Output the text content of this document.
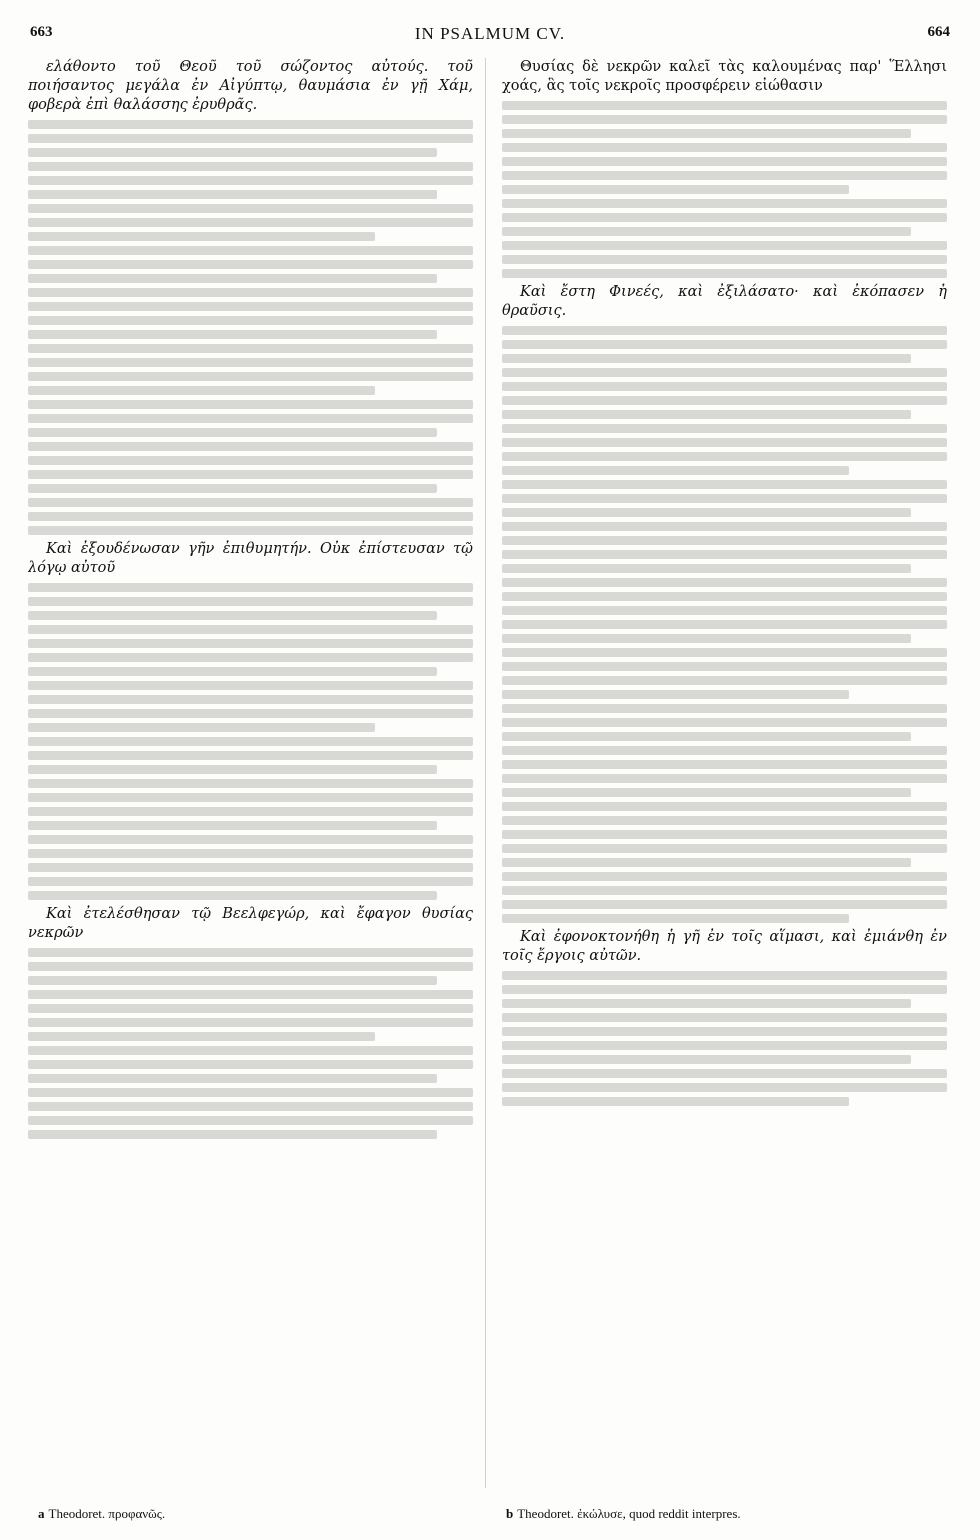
663	IN PSALMUM CV.	664

ελάθοντο τοῦ Θεοῦ τοῦ σώζοντος αὐτούς. τοῦ ποιήσαντος μεγάλα ἐν Αἰγύπτῳ, θαυμάσια ἐν γῇ Χάμ, φοβερὰ ἐπὶ θαλάσσης ἐρυθρᾶς.

Καὶ ἐξουδένωσαν γῆν ἐπιθυμητήν. Οὐκ ἐπίστευσαν τῷ λόγῳ αὐτοῦ

Καὶ ἐτελέσθησαν τῷ Βεελφεγώρ, καὶ ἔφαγον θυσίας νεκρῶν

Θυσίας δὲ νεκρῶν καλεῖ τὰς καλουμένας παρ' Ἕλλησι χοάς, ἃς τοῖς νεκροῖς προσφέρειν εἰώθασιν

Καὶ ἔστη Φινεές, καὶ ἐξιλάσατο· καὶ ἐκόπασεν ἡ θραῦσις.

Καὶ ἐφονοκτονήθη ἡ γῆ ἐν τοῖς αἵμασι, καὶ ἐμιάνθη ἐν τοῖς ἔργοις αὐτῶν.

a Theodoret. προφανῶς.	b Theodoret. ἐκώλυσε, quod reddit interpres.
